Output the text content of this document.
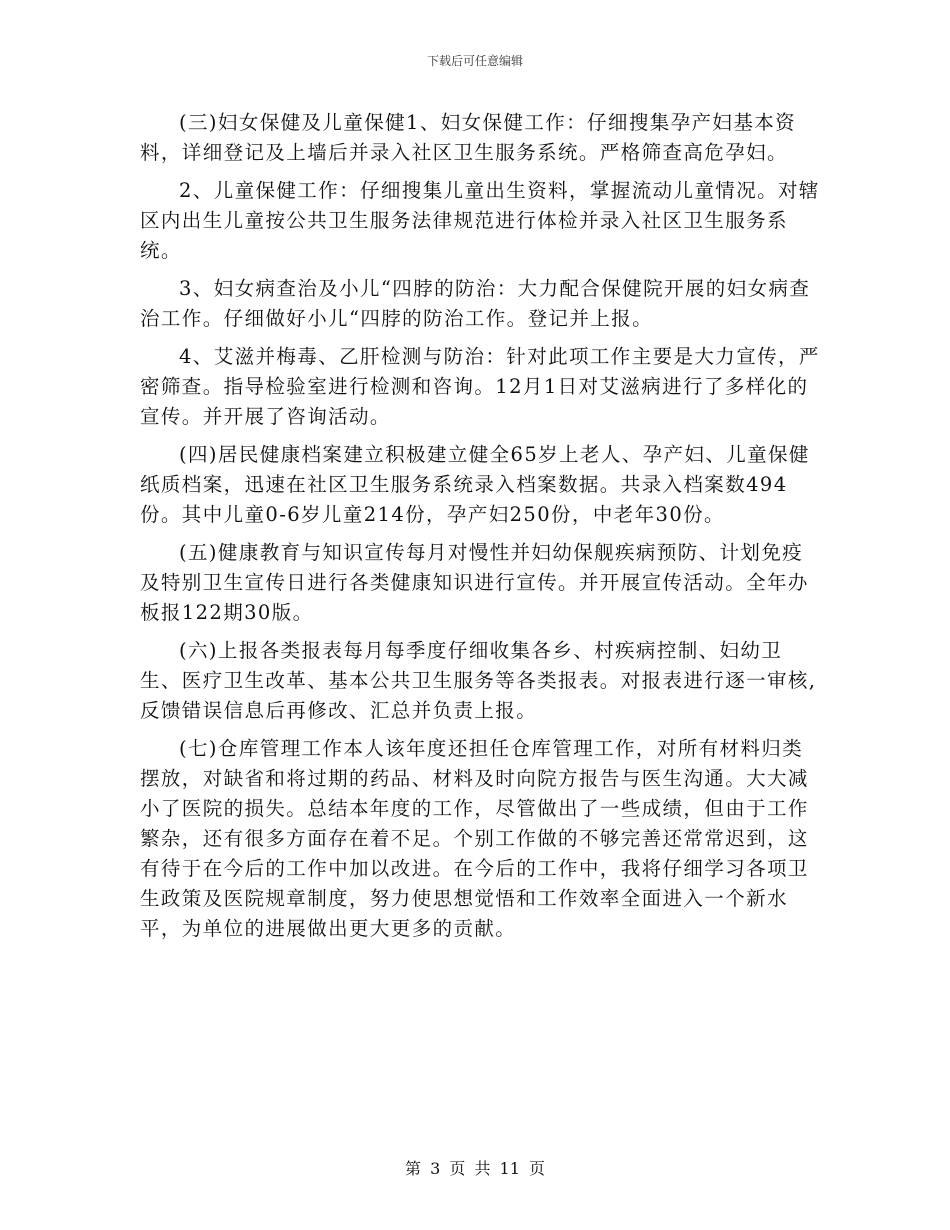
下载后可任意编辑

(三)妇女保健及儿童保健1、妇女保健工作：仔细搜集孕产妇基本资料，详细登记及上墙后并录入社区卫生服务系统。严格筛查高危孕妇。

2、儿童保健工作：仔细搜集儿童出生资料，掌握流动儿童情况。对辖区内出生儿童按公共卫生服务法律规范进行体检并录入社区卫生服务系统。

3、妇女病查治及小儿“四脖的防治：大力配合保健院开展的妇女病查治工作。仔细做好小儿“四脖的防治工作。登记并上报。

4、艾滋并梅毒、乙肝检测与防治：针对此项工作主要是大力宣传，严密筛查。指导检验室进行检测和咨询。12月1日对艾滋病进行了多样化的宣传。并开展了咨询活动。

(四)居民健康档案建立积极建立健全65岁上老人、孕产妇、儿童保健纸质档案，迅速在社区卫生服务系统录入档案数据。共录入档案数494份。其中儿童0-6岁儿童214份，孕产妇250份，中老年30份。

(五)健康教育与知识宣传每月对慢性并妇幼保舰疾病预防、计划免疫及特别卫生宣传日进行各类健康知识进行宣传。并开展宣传活动。全年办板报122期30版。

(六)上报各类报表每月每季度仔细收集各乡、村疾病控制、妇幼卫生、医疗卫生改革、基本公共卫生服务等各类报表。对报表进行逐一审核,反馈错误信息后再修改、汇总并负责上报。

(七)仓库管理工作本人该年度还担任仓库管理工作，对所有材料归类摆放，对缺省和将过期的药品、材料及时向院方报告与医生沟通。大大减小了医院的损失。总结本年度的工作，尽管做出了一些成绩，但由于工作繁杂，还有很多方面存在着不足。个别工作做的不够完善还常常迟到，这有待于在今后的工作中加以改进。在今后的工作中，我将仔细学习各项卫生政策及医院规章制度，努力使思想觉悟和工作效率全面进入一个新水平，为单位的进展做出更大更多的贡献。

第 3 页 共 11 页
